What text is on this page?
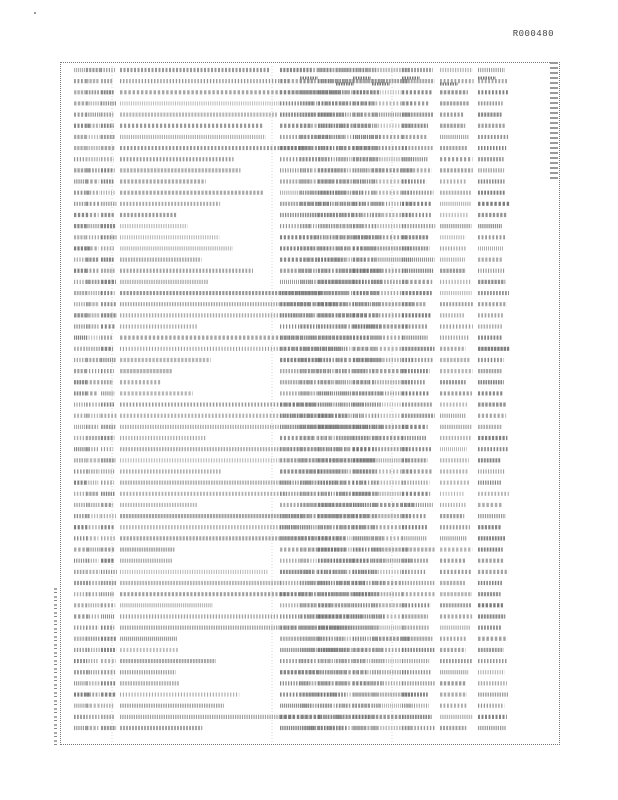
R000480
